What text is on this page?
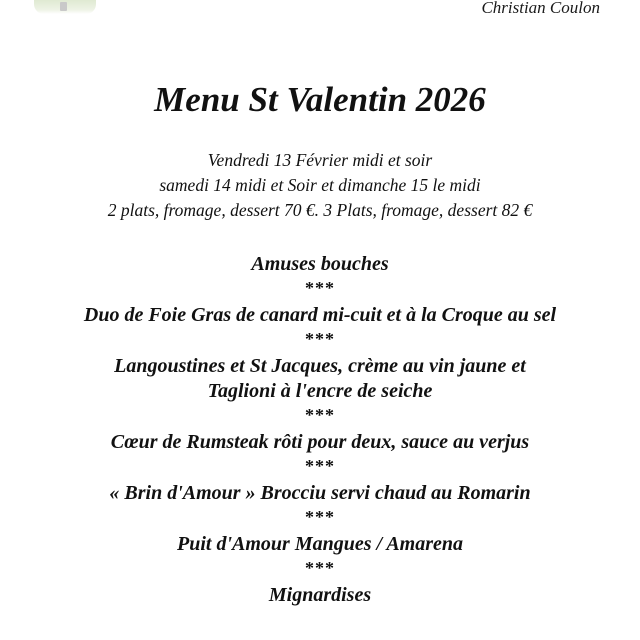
Christian Coulon

Menu St Valentin 2026

Vendredi 13 Février midi et soir

samedi 14 midi et Soir et dimanche 15 le midi

2 plats, fromage, dessert 70 €. 3 Plats, fromage, dessert 82 €

Amuses bouches

***

Duo de Foie Gras de canard mi-cuit et à la Croque au sel

***

Langoustines et St Jacques, crème au vin jaune et

Taglioni à l'encre de seiche

***

Cœur de Rumsteak rôti pour deux, sauce au verjus

***

« Brin d'Amour » Brocciu servi chaud au Romarin

***

Puit d'Amour Mangues / Amarena

***

Mignardises
